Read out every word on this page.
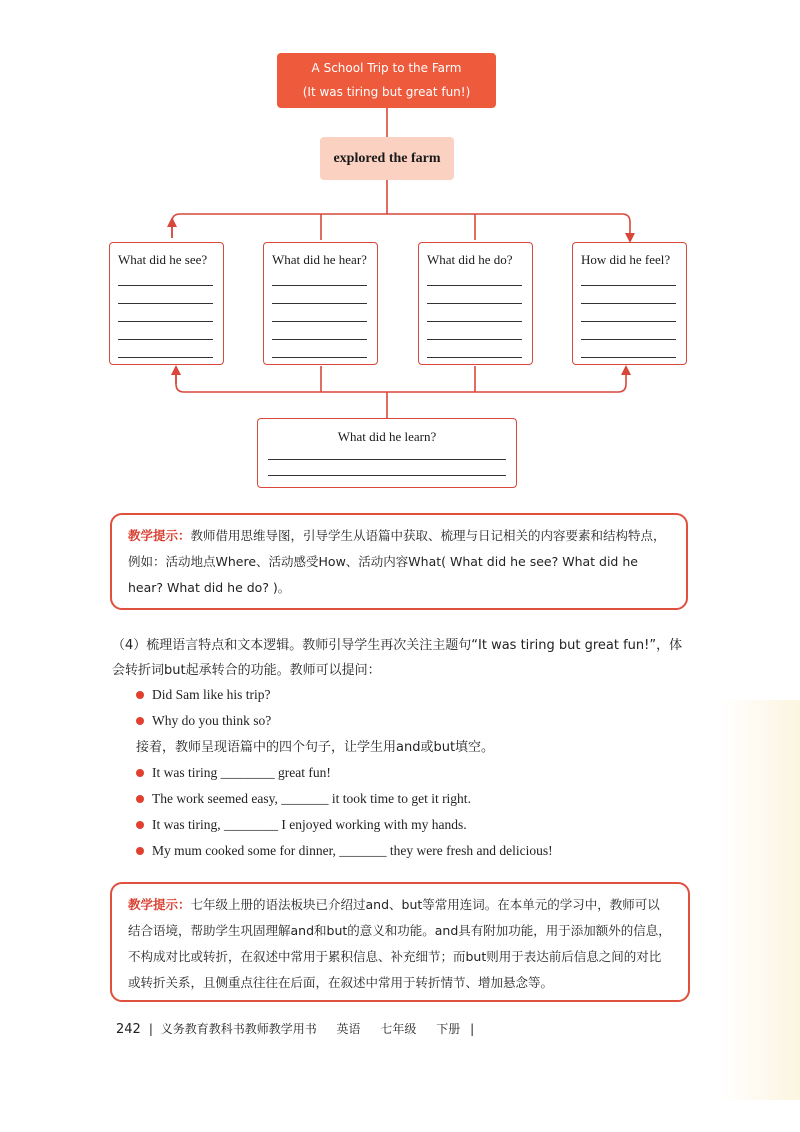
A School Trip to the Farm
(It was tiring but great fun!)
explored the farm
What did he see?	What did he hear?	What did he do?	How did he feel?
What did he learn?
教学提示：教师借用思维导图，引导学生从语篇中获取、梳理与日记相关的内容要素和结构特点，例如：活动地点Where、活动感受How、活动内容What( What did he see? What did he hear? What did he do? )。
（4）梳理语言特点和文本逻辑。教师引导学生再次关注主题句“It was tiring but great fun!”，体会转折词but起承转合的功能。教师可以提问：
Did Sam like his trip?
Why do you think so?
接着，教师呈现语篇中的四个句子，让学生用and或but填空。
It was tiring ________ great fun!
The work seemed easy, _______ it took time to get it right.
It was tiring, ________ I enjoyed working with my hands.
My mum cooked some for dinner, _______ they were fresh and delicious!
教学提示：七年级上册的语法板块已介绍过and、but等常用连词。在本单元的学习中，教师可以结合语境，帮助学生巩固理解and和but的意义和功能。and具有附加功能，用于添加额外的信息，不构成对比或转折，在叙述中常用于累积信息、补充细节；而but则用于表达前后信息之间的对比或转折关系，且侧重点往往在后面，在叙述中常用于转折情节、增加悬念等。
242 | 义务教育教科书教师教学用书 英语 七年级 下册 |
